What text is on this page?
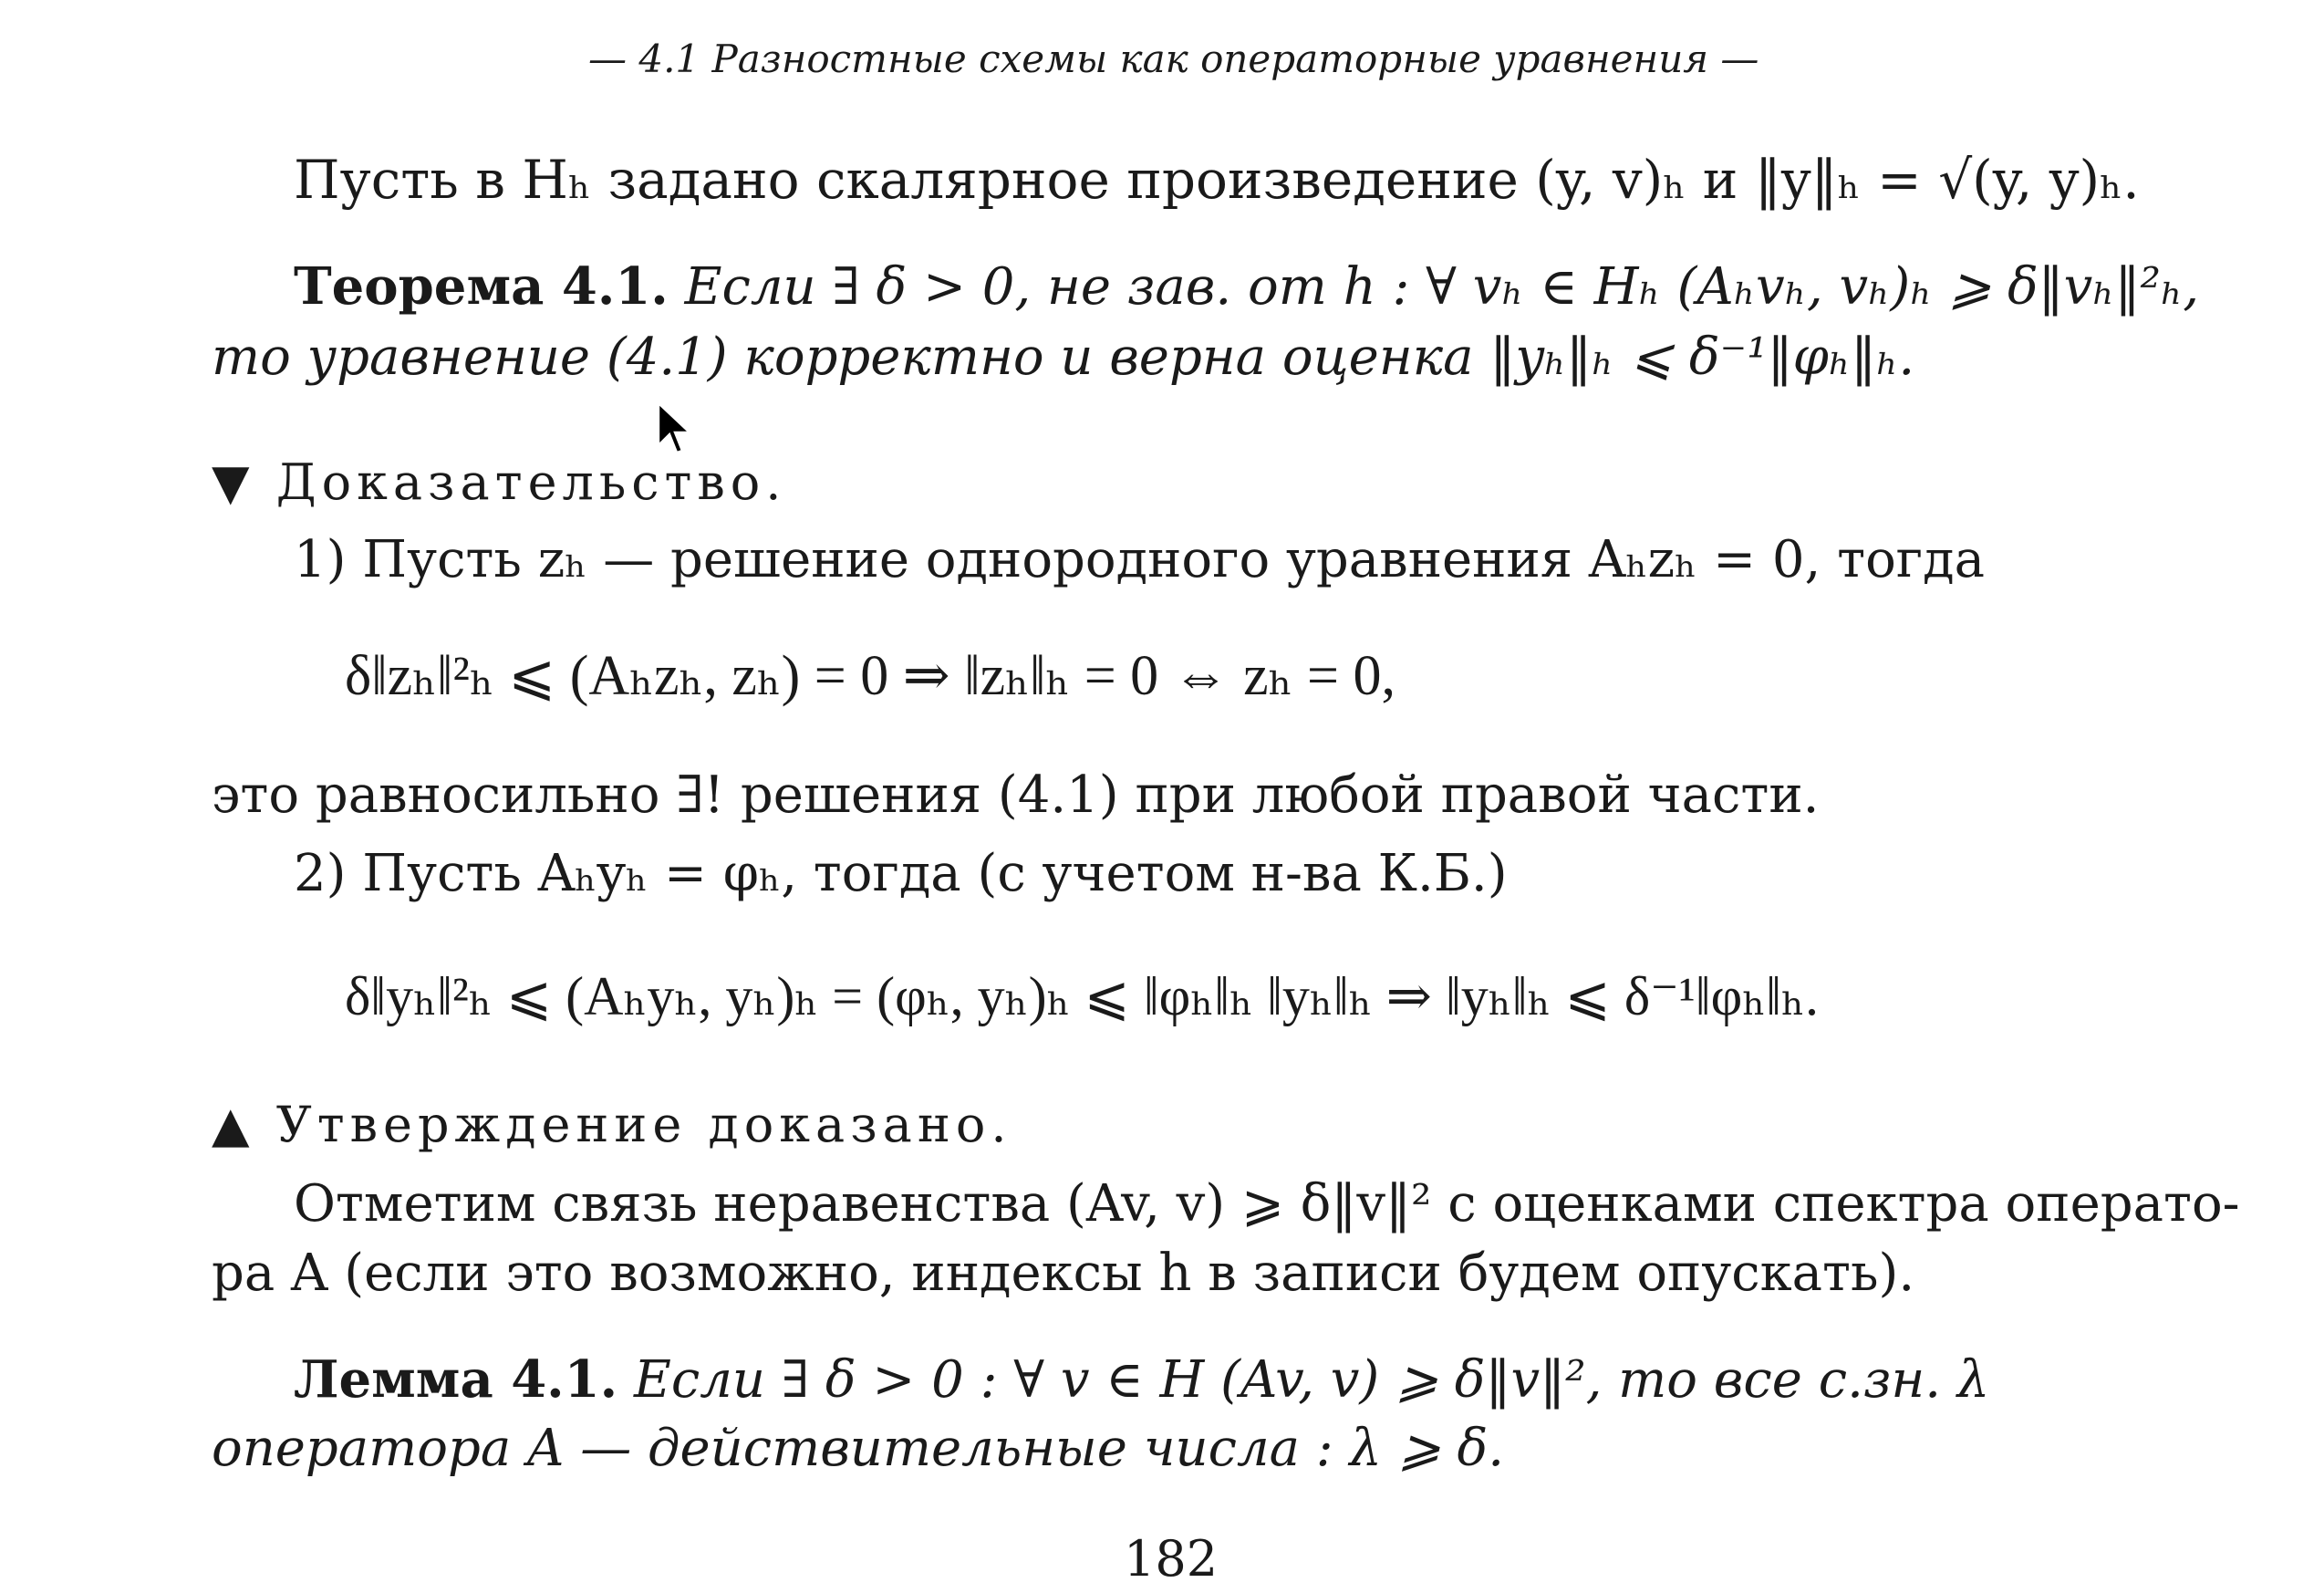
— 4.1 Разностные схемы как операторные уравнения —
Пусть в Hₕ задано скалярное произведение (y, v)ₕ и ‖y‖ₕ = √(y, y)ₕ.
Теорема 4.1. Если ∃ δ > 0, не зав. от h : ∀ vₕ ∈ Hₕ (Aₕvₕ, vₕ)ₕ ⩾ δ‖vₕ‖²ₕ,
то уравнение (4.1) корректно и верна оценка ‖yₕ‖ₕ ⩽ δ⁻¹‖φₕ‖ₕ.
▼ Доказательство.
1) Пусть zₕ — решение однородного уравнения Aₕzₕ = 0, тогда
δ‖zₕ‖²ₕ ⩽ (Aₕzₕ, zₕ) = 0 ⇒ ‖zₕ‖ₕ = 0 ⇔ zₕ = 0,
это равносильно ∃! решения (4.1) при любой правой части.
2) Пусть Aₕyₕ = φₕ, тогда (с учетом н-ва К.Б.)
δ‖yₕ‖²ₕ ⩽ (Aₕyₕ, yₕ)ₕ = (φₕ, yₕ)ₕ ⩽ ‖φₕ‖ₕ ‖yₕ‖ₕ ⇒ ‖yₕ‖ₕ ⩽ δ⁻¹‖φₕ‖ₕ.
▲ Утверждение доказано.
Отметим связь неравенства (Av, v) ⩾ δ‖v‖² с оценками спектра операто-
ра A (если это возможно, индексы h в записи будем опускать).
Лемма 4.1. Если ∃ δ > 0 : ∀ v ∈ H (Av, v) ⩾ δ‖v‖², то все с.зн. λ
оператора A — действительные числа : λ ⩾ δ.
182
